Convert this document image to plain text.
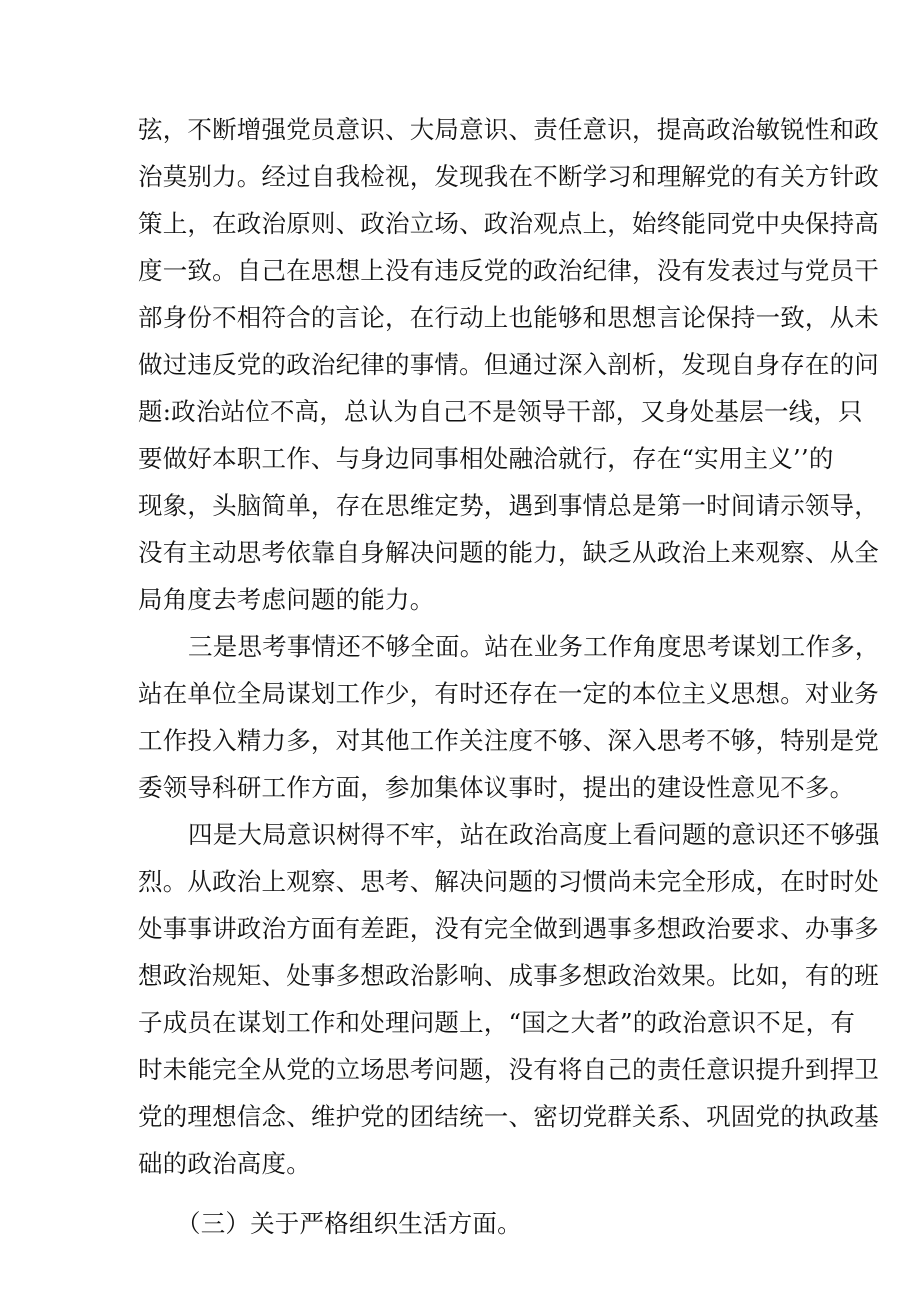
弦，不断增强党员意识、大局意识、责任意识，提高政治敏锐性和政
治莫别力。经过自我检视，发现我在不断学习和理解党的有关方针政
策上，在政治原则、政治立场、政治观点上，始终能同党中央保持高
度一致。自己在思想上没有违反党的政治纪律，没有发表过与党员干
部身份不相符合的言论，在行动上也能够和思想言论保持一致，从未
做过违反党的政治纪律的事情。但通过深入剖析，发现自身存在的问
题:政治站位不高，总认为自己不是领导干部，又身处基层一线，只
要做好本职工作、与身边同事相处融洽就行，存在“实用主义’’的
现象，头脑简单，存在思维定势，遇到事情总是第一时间请示领导，
没有主动思考依靠自身解决问题的能力，缺乏从政治上来观察、从全
局角度去考虑问题的能力。
三是思考事情还不够全面。站在业务工作角度思考谋划工作多，
站在单位全局谋划工作少，有时还存在一定的本位主义思想。对业务
工作投入精力多，对其他工作关注度不够、深入思考不够，特别是党
委领导科研工作方面，参加集体议事时，提出的建设性意见不多。
四是大局意识树得不牢，站在政治高度上看问题的意识还不够强
烈。从政治上观察、思考、解决问题的习惯尚未完全形成，在时时处
处事事讲政治方面有差距，没有完全做到遇事多想政治要求、办事多
想政治规矩、处事多想政治影响、成事多想政治效果。比如，有的班
子成员在谋划工作和处理问题上，“国之大者”的政治意识不足，有
时未能完全从党的立场思考问题，没有将自己的责任意识提升到捍卫
党的理想信念、维护党的团结统一、密切党群关系、巩固党的执政基
础的政治高度。
（三）关于严格组织生活方面。
